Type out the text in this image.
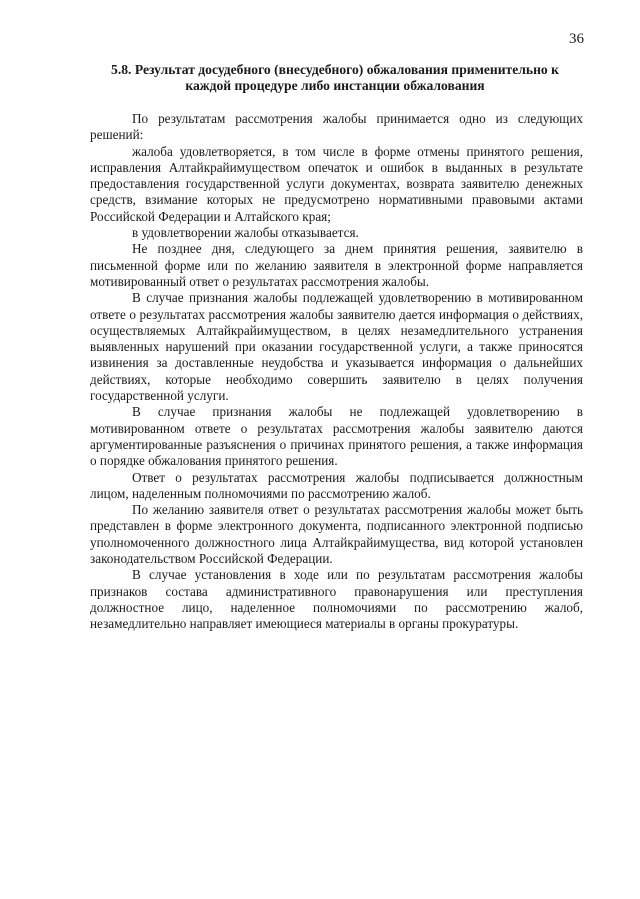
36
5.8. Результат досудебного (внесудебного) обжалования применительно к каждой процедуре либо инстанции обжалования

По результатам рассмотрения жалобы принимается одно из следующих решений:

жалоба удовлетворяется, в том числе в форме отмены принятого решения, исправления Алтайкрайимуществом опечаток и ошибок в выданных в результате предоставления государственной услуги документах, возврата заявителю денежных средств, взимание которых не предусмотрено нормативными правовыми актами Российской Федерации и Алтайского края;

в удовлетворении жалобы отказывается.

Не позднее дня, следующего за днем принятия решения, заявителю в письменной форме или по желанию заявителя в электронной форме направляется мотивированный ответ о результатах рассмотрения жалобы.

В случае признания жалобы подлежащей удовлетворению в мотивированном ответе о результатах рассмотрения жалобы заявителю дается информация о действиях, осуществляемых Алтайкрайимуществом, в целях незамедлительного устранения выявленных нарушений при оказании государственной услуги, а также приносятся извинения за доставленные неудобства и указывается информация о дальнейших действиях, которые необходимо совершить заявителю в целях получения государственной услуги.

В случае признания жалобы не подлежащей удовлетворению в мотивированном ответе о результатах рассмотрения жалобы заявителю даются аргументированные разъяснения о причинах принятого решения, а также информация о порядке обжалования принятого решения.

Ответ о результатах рассмотрения жалобы подписывается должностным лицом, наделенным полномочиями по рассмотрению жалоб.

По желанию заявителя ответ о результатах рассмотрения жалобы может быть представлен в форме электронного документа, подписанного электронной подписью уполномоченного должностного лица Алтайкрайимущества, вид которой установлен законодательством Российской Федерации.

В случае установления в ходе или по результатам рассмотрения жалобы признаков состава административного правонарушения или преступления должностное лицо, наделенное полномочиями по рассмотрению жалоб, незамедлительно направляет имеющиеся материалы в органы прокуратуры.
